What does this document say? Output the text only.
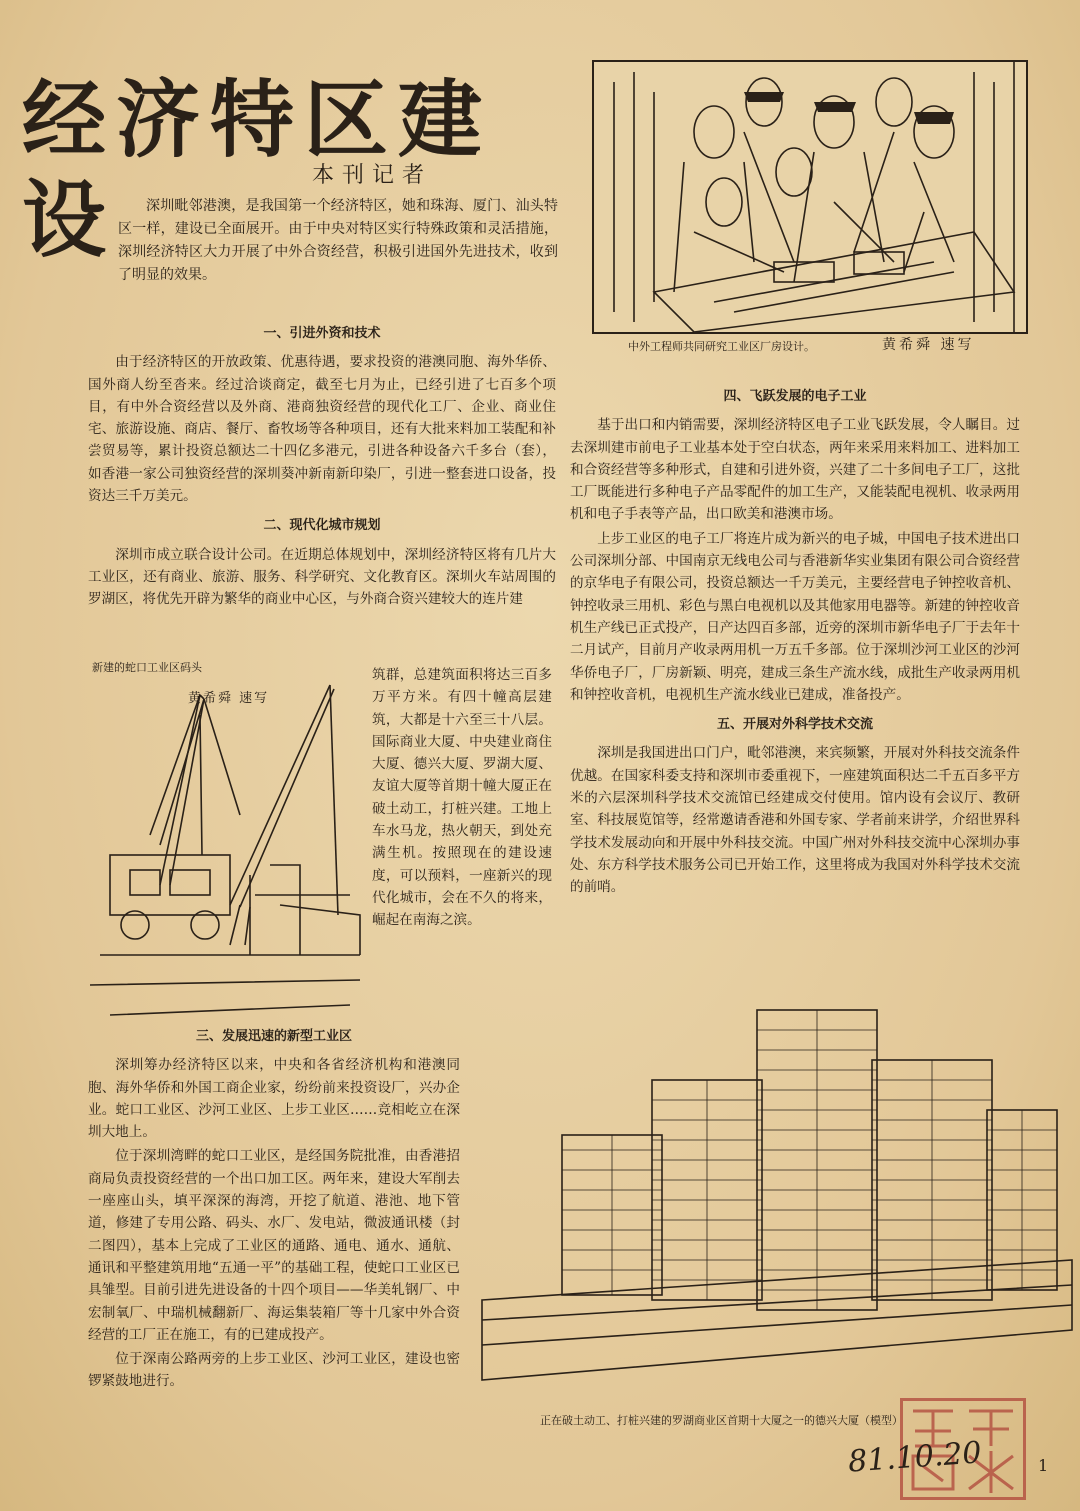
经济特区建设	本刊记者

深圳毗邻港澳，是我国第一个经济特区，她和珠海、厦门、汕头特区一样，建设已全面展开。由于中央对特区实行特殊政策和灵活措施，深圳经济特区大力开展了中外合资经营，积极引进国外先进技术，收到了明显的效果。

一、引进外资和技术

由于经济特区的开放政策、优惠待遇，要求投资的港澳同胞、海外华侨、国外商人纷至沓来。经过洽谈商定，截至七月为止，已经引进了七百多个项目，有中外合资经营以及外商、港商独资经营的现代化工厂、企业、商业住宅、旅游设施、商店、餐厅、畜牧场等各种项目，还有大批来料加工装配和补尝贸易等，累计投资总额达二十四亿多港元，引进各种设备六千多台（套），如香港一家公司独资经营的深圳葵冲新南新印染厂，引进一整套进口设备，投资达三千万美元。

二、现代化城市规划

深圳市成立联合设计公司。在近期总体规划中，深圳经济特区将有几片大工业区，还有商业、旅游、服务、科学研究、文化教育区。深圳火车站周围的罗湖区，将优先开辟为繁华的商业中心区，与外商合资兴建较大的连片建

筑群，总建筑面积将达三百多万平方米。有四十幢高层建筑，大都是十六至三十八层。国际商业大厦、中央建业商住大厦、德兴大厦、罗湖大厦、友谊大厦等首期十幢大厦正在破土动工，打桩兴建。工地上车水马龙，热火朝天，到处充满生机。按照现在的建设速度，可以预料，一座新兴的现代化城市，会在不久的将来，崛起在南海之滨。

新建的蛇口工业区码头
黄希舜 速写
三、发展迅速的新型工业区

深圳筹办经济特区以来，中央和各省经济机构和港澳同胞、海外华侨和外国工商企业家，纷纷前来投资设厂，兴办企业。蛇口工业区、沙河工业区、上步工业区……竞相屹立在深圳大地上。

位于深圳湾畔的蛇口工业区，是经国务院批准，由香港招商局负责投资经营的一个出口加工区。两年来，建设大军削去一座座山头，填平深深的海湾，开挖了航道、港池、地下管道，修建了专用公路、码头、水厂、发电站，微波通讯楼（封二图四），基本上完成了工业区的通路、通电、通水、通航、通讯和平整建筑用地“五通一平”的基础工程，使蛇口工业区已具雏型。目前引进先进设备的十四个项目——华美轧钢厂、中宏制氧厂、中瑞机械翻新厂、海运集装箱厂等十几家中外合资经营的工厂正在施工，有的已建成投产。

位于深南公路两旁的上步工业区、沙河工业区，建设也密锣紧鼓地进行。

中外工程师共同研究工业区厂房设计。	黄希舜 速写
四、飞跃发展的电子工业

基于出口和内销需要，深圳经济特区电子工业飞跃发展，令人瞩目。过去深圳建市前电子工业基本处于空白状态，两年来采用来料加工、进料加工和合资经营等多种形式，自建和引进外资，兴建了二十多间电子工厂，这批工厂既能进行多种电子产品零配件的加工生产，又能装配电视机、收录两用机和电子手表等产品，出口欧美和港澳市场。

上步工业区的电子工厂将连片成为新兴的电子城，中国电子技术进出口公司深圳分部、中国南京无线电公司与香港新华实业集团有限公司合资经营的京华电子有限公司，投资总额达一千万美元，主要经营电子钟控收音机、钟控收录三用机、彩色与黑白电视机以及其他家用电器等。新建的钟控收音机生产线已正式投产，日产达四百多部，近旁的深圳市新华电子厂于去年十二月试产，目前月产收录两用机一万五千多部。位于深圳沙河工业区的沙河华侨电子厂，厂房新颖、明亮，建成三条生产流水线，成批生产收录两用机和钟控收音机，电视机生产流水线业已建成，准备投产。

五、开展对外科学技术交流

深圳是我国进出口门户，毗邻港澳，来宾频繁，开展对外科技交流条件优越。在国家科委支持和深圳市委重视下，一座建筑面积达二千五百多平方米的六层深圳科学技术交流馆已经建成交付使用。馆内设有会议厅、教研室、科技展览馆等，经常邀请香港和外国专家、学者前来讲学，介绍世界科学技术发展动向和开展中外科技交流。中国广州对外科技交流中心深圳办事处、东方科学技术服务公司已开始工作，这里将成为我国对外科学技术交流的前哨。

正在破土动工、打桩兴建的罗湖商业区首期十大厦之一的德兴大厦（模型）
81.10.20	1
